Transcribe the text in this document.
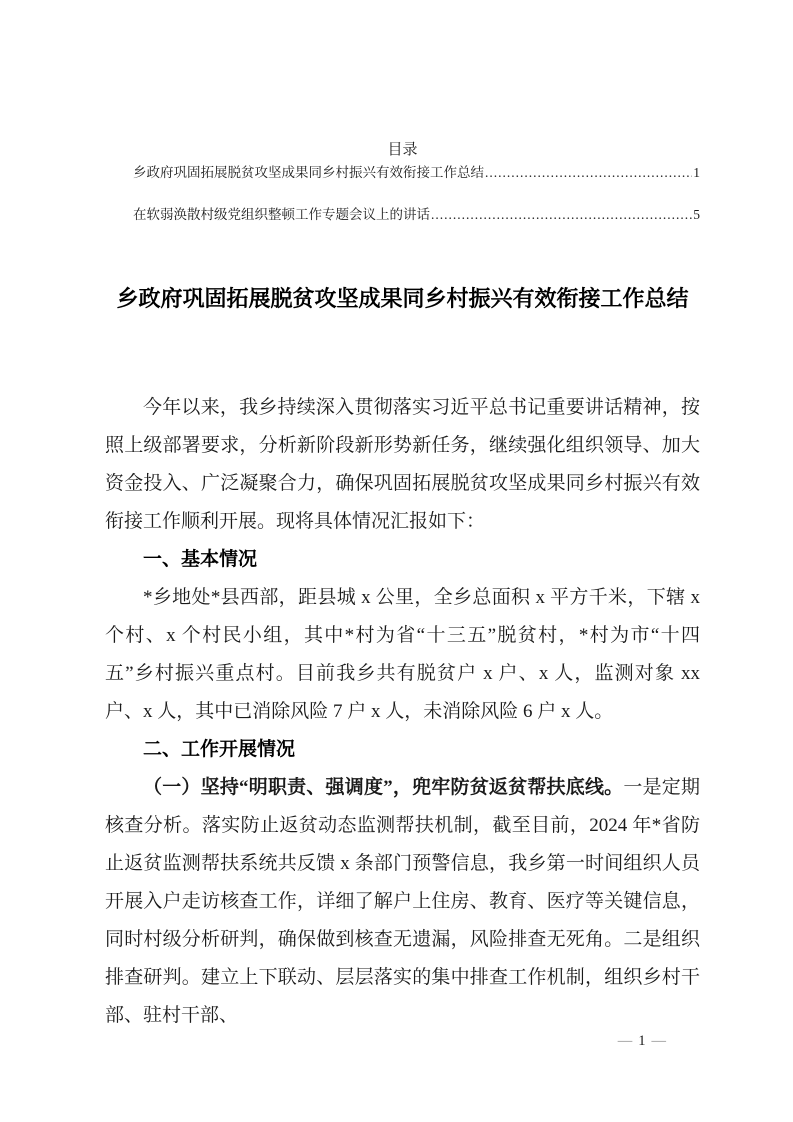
目录
乡政府巩固拓展脱贫攻坚成果同乡村振兴有效衔接工作总结 .....	1
在软弱涣散村级党组织整顿工作专题会议上的讲话 .....	5
乡政府巩固拓展脱贫攻坚成果同乡村振兴有效衔接工作总结

今年以来，我乡持续深入贯彻落实习近平总书记重要讲话精神，按照上级部署要求，分析新阶段新形势新任务，继续强化组织领导、加大资金投入、广泛凝聚合力，确保巩固拓展脱贫攻坚成果同乡村振兴有效衔接工作顺利开展。现将具体情况汇报如下：

一、基本情况

*乡地处*县西部，距县城 x 公里，全乡总面积 x 平方千米，下辖 x 个村、x 个村民小组，其中*村为省“十三五”脱贫村，*村为市“十四五”乡村振兴重点村。目前我乡共有脱贫户 x 户、x 人，监测对象 xx 户、x 人，其中已消除风险 7 户 x 人，未消除风险 6 户 x 人。

二、工作开展情况

（一）坚持“明职责、强调度”，兜牢防贫返贫帮扶底线。一是定期核查分析。落实防止返贫动态监测帮扶机制，截至目前，2024 年*省防止返贫监测帮扶系统共反馈 x 条部门预警信息，我乡第一时间组织人员开展入户走访核查工作，详细了解户上住房、教育、医疗等关键信息，同时村级分析研判，确保做到核查无遗漏，风险排查无死角。二是组织排查研判。建立上下联动、层层落实的集中排查工作机制，组织乡村干部、驻村干部、

— 1 —
